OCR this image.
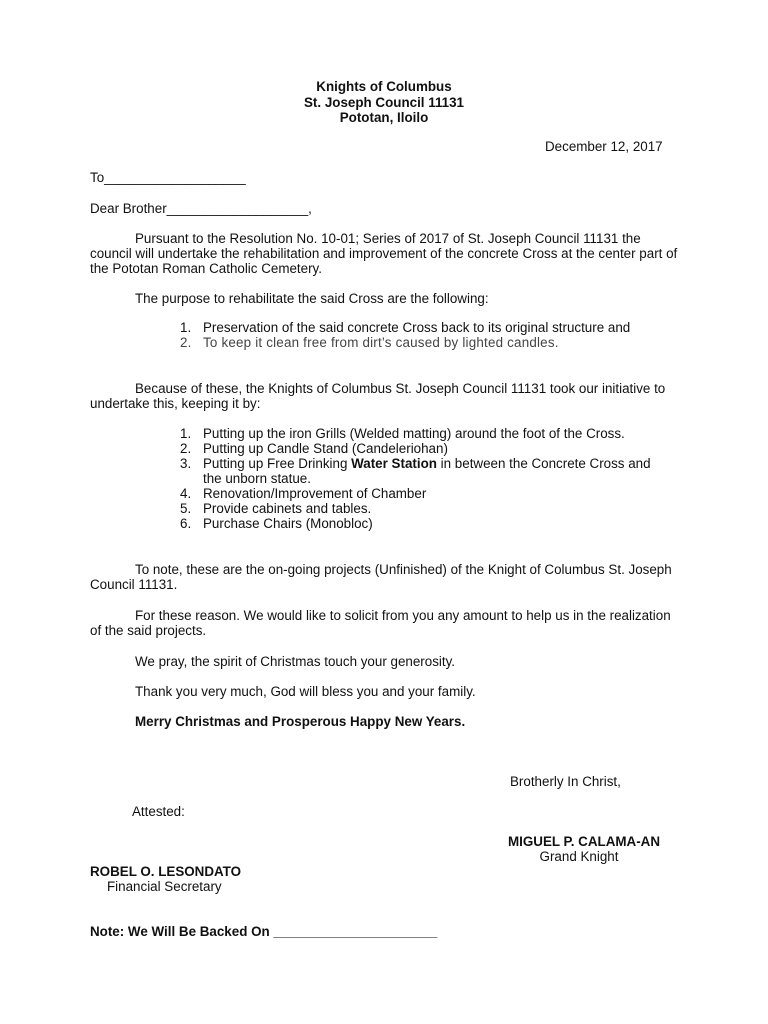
Knights of Columbus
St. Joseph Council 11131
Pototan, Iloilo
December 12, 2017
To___________________
Dear Brother___________________,
Pursuant to the Resolution No. 10-01; Series of 2017 of St. Joseph Council 11131 the council will undertake the rehabilitation and improvement of the concrete Cross at the center part of the Pototan Roman Catholic Cemetery.
The purpose to rehabilitate the said Cross are the following:
1. Preservation of the said concrete Cross back to its original structure and
2. To keep it clean free from dirt’s caused by lighted candles.
Because of these, the Knights of Columbus St. Joseph Council 11131 took our initiative to undertake this, keeping it by:
1. Putting up the iron Grills (Welded matting) around the foot of the Cross.
2. Putting up Candle Stand (Candeleriohan)
3. Putting up Free Drinking Water Station in between the Concrete Cross and the unborn statue.
4. Renovation/Improvement of Chamber
5. Provide cabinets and tables.
6. Purchase Chairs (Monobloc)
To note, these are the on-going projects (Unfinished) of the Knight of Columbus St. Joseph Council 11131.
For these reason. We would like to solicit from you any amount to help us in the realization of the said projects.
We pray, the spirit of Christmas touch your generosity.
Thank you very much, God will bless you and your family.
Merry Christmas and Prosperous Happy New Years.
Brotherly In Christ,
Attested:
MIGUEL P. CALAMA-AN
Grand Knight
ROBEL O. LESONDATO
Financial Secretary
Note: We Will Be Backed On ______________________
